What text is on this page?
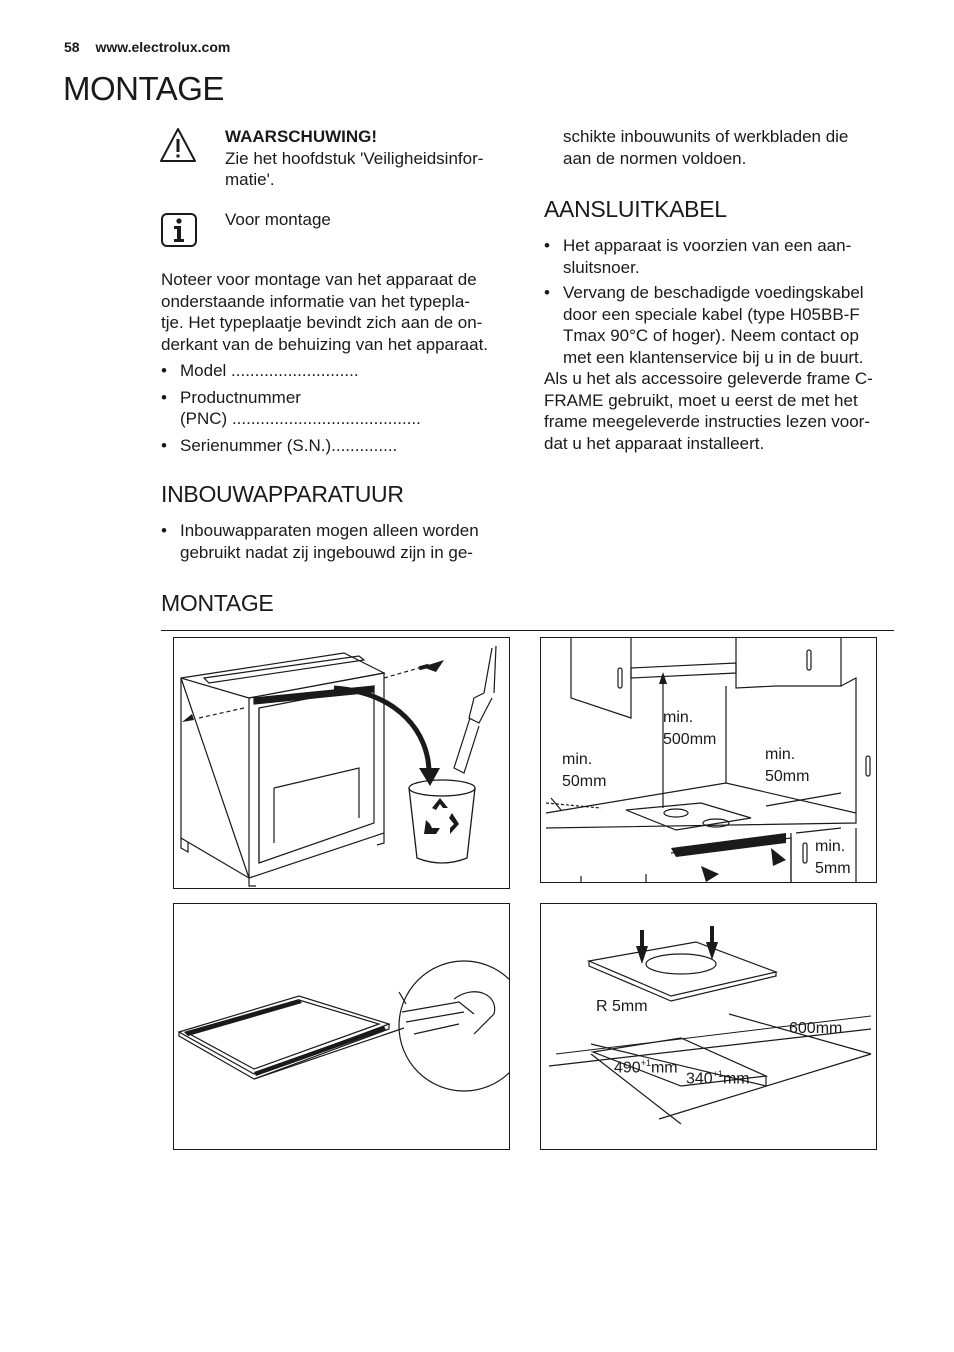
58 www.electrolux.com
MONTAGE
WAARSCHUWING!
Zie het hoofdstuk 'Veiligheidsinfor-
matie'.
Voor montage
Noteer voor montage van het apparaat de
onderstaande informatie van het typepla-
tje. Het typeplaatje bevindt zich aan de on-
derkant van de behuizing van het apparaat.
• Model ...........................
• Productnummer
(PNC) ........................................
• Serienummer (S.N.)..............
INBOUWAPPARATUUR
• Inbouwapparaten mogen alleen worden
gebruikt nadat zij ingebouwd zijn in ge-
schikte inbouwunits of werkbladen die
aan de normen voldoen.
AANSLUITKABEL
• Het apparaat is voorzien van een aan-
sluitsnoer.
• Vervang de beschadigde voedingskabel
door een speciale kabel (type H05BB-F
Tmax 90°C of hoger). Neem contact op
met een klantenservice bij u in de buurt.
Als u het als accessoire geleverde frame C-
FRAME gebruikt, moet u eerst de met het
frame meegeleverde instructies lezen voor-
dat u het apparaat installeert.
MONTAGE
min.
500mm
min.
50mm
min.
50mm
min.
5mm
R 5mm
600mm
$490^{+1}mm$
$340^{+1}mm$
